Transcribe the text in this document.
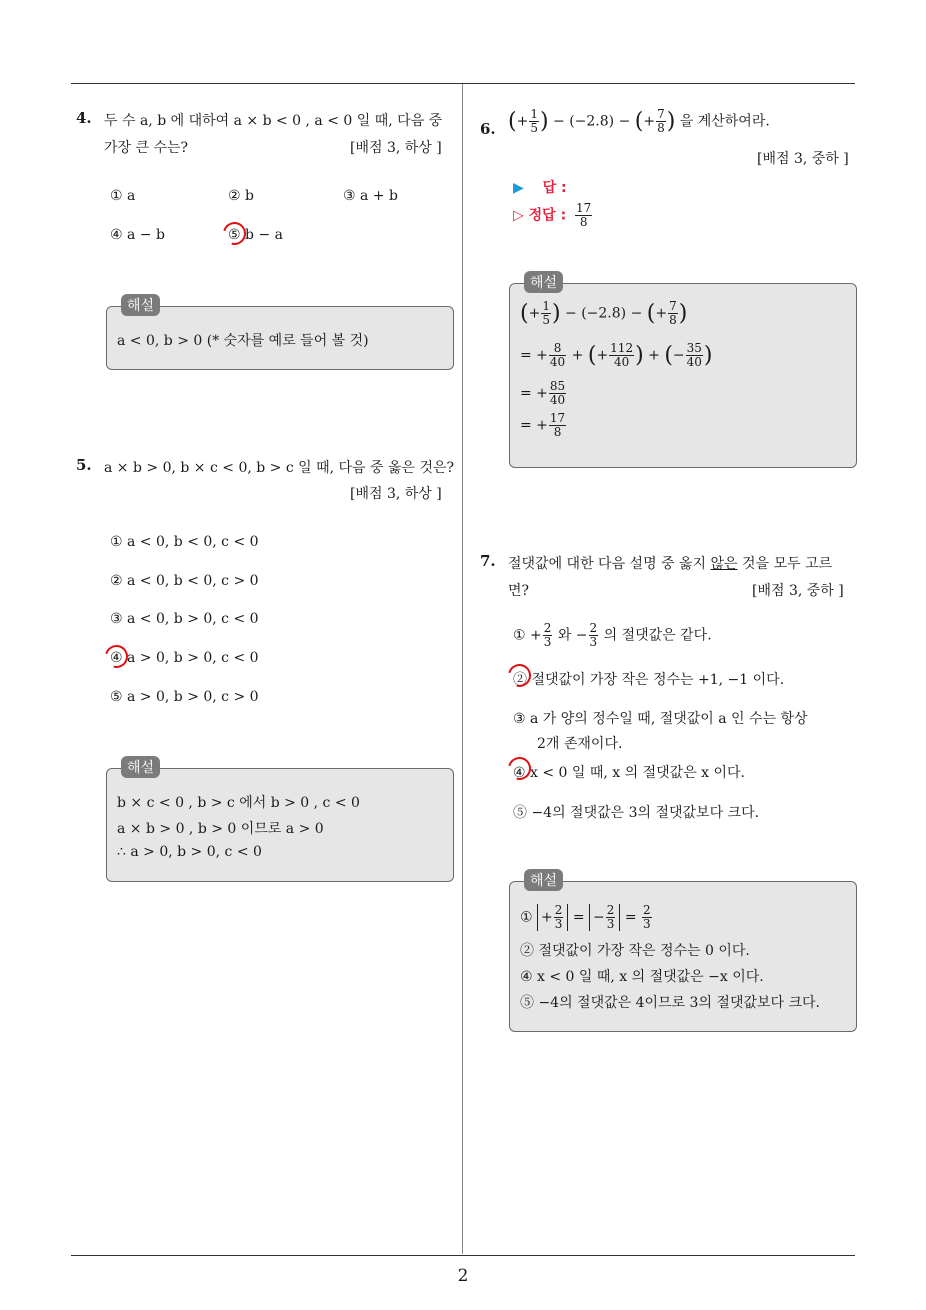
2
4. 두 수 a, b 에 대하여 a × b < 0 , a < 0 일 때, 다음 중
가장 큰 수는?	[배점 3, 하상 ]
① a	② b	③ a + b
④ a − b	⑤ b − a
해설
a < 0, b > 0 (* 숫자를 예로 들어 볼 것)
5. a × b > 0, b × c < 0, b > c 일 때, 다음 중 옳은 것은?
[배점 3, 하상 ]
① a < 0, b < 0, c < 0
② a < 0, b < 0, c > 0
③ a < 0, b > 0, c < 0
④ a > 0, b > 0, c < 0
⑤ a > 0, b > 0, c > 0
해설
b × c < 0 , b > c 에서 b > 0 , c < 0
a × b > 0 , b > 0 이므로 a > 0
∴ a > 0, b > 0, c < 0
6. (+ $\frac{1}{5}$ ) − (−2.8) − (+ $\frac{7}{8}$ ) 을 계산하여라.
[배점 3, 중하 ]
▶ 답 :
▷ 정답 : $\frac{17}{8}$
해설
(+ $\frac{1}{5}$ ) − (−2.8) − (+ $\frac{7}{8}$ )
= + $\frac{8}{40}$ + (+ $\frac{112}{40}$ ) + (− $\frac{35}{40}$ )
= + $\frac{85}{40}$
= + $\frac{17}{8}$
7. 절댓값에 대한 다음 설명 중 옳지 않은 것을 모두 고르
면?	[배점 3, 중하 ]
① + $\frac{2}{3}$ 와 − $\frac{2}{3}$ 의 절댓값은 같다.
② 절댓값이 가장 작은 정수는 +1, −1 이다.
③ a 가 양의 정수일 때, 절댓값이 a 인 수는 항상
2개 존재이다.
④ x < 0 일 때, x 의 절댓값은 x 이다.
⑤ −4의 절댓값은 3의 절댓값보다 크다.
해설
① + $\frac{2}{3}$ = − $\frac{2}{3} = \frac{2}{3}$
② 절댓값이 가장 작은 정수는 0 이다.
④ x < 0 일 때, x 의 절댓값은 −x 이다.
⑤ −4의 절댓값은 4이므로 3의 절댓값보다 크다.
